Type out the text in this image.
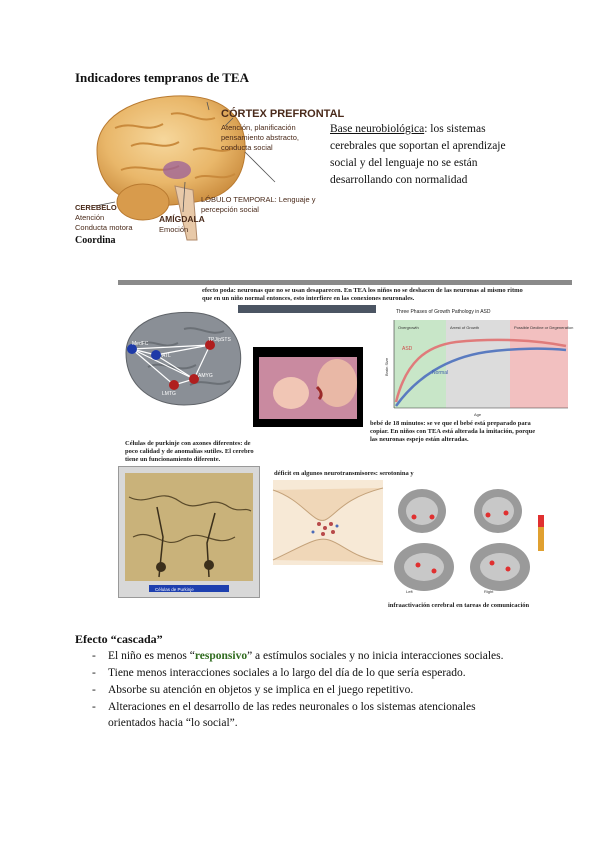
Indicadores tempranos de TEA
CÓRTEX PREFRONTAL
Atención, planificación
pensamiento abstracto,
conducta social
LÓBULO TEMPORAL: Lenguaje y
percepción social
AMÍGDALA
Emoción
CEREBELO
Atención
Conducta motora
Coordina
Base neurobiológica: los sistemas cerebrales que soportan el aprendizaje social y del lenguaje no se están desarrollando con normalidad
efecto poda: neuronas que no se usan desaparecen. En TEA los niños no se deshacen de las neuronas al mismo ritmo
que en un niño normal entonces, esto interfiere en las conexiones neuronales.
MedFC
ATL
TPJ/pSTS
AMYG
LMTG
Three Phases of Growth Pathology in ASD
Overgrowth	Arrest of Growth	Possible Decline or Degeneration
ASD
Normal
Brain Size
Age
bebé de 18 minutos: se ve que el bebé está preparado para
copiar. En niños con TEA está alterada la imitación, porque
las neuronas espejo están alteradas.
Células de purkinje con axones diferentes: de
poco calidad y de anomalías sutiles. El cerebro
tiene un funcionamiento diferente.
Células de Purkinje
déficit en algunos neurotransmisores: serotonina y
Left	Right
infraactivación cerebral en tareas de comunicación
Efecto “cascada”
- El niño es menos “responsivo” a estímulos sociales y no inicia interacciones sociales.
- Tiene menos interacciones sociales a lo largo del día de lo que sería esperado.
- Absorbe su atención en objetos y se implica en el juego repetitivo.
- Alteraciones en el desarrollo de las redes neuronales o los sistemas atencionales orientados hacia “lo social”.
